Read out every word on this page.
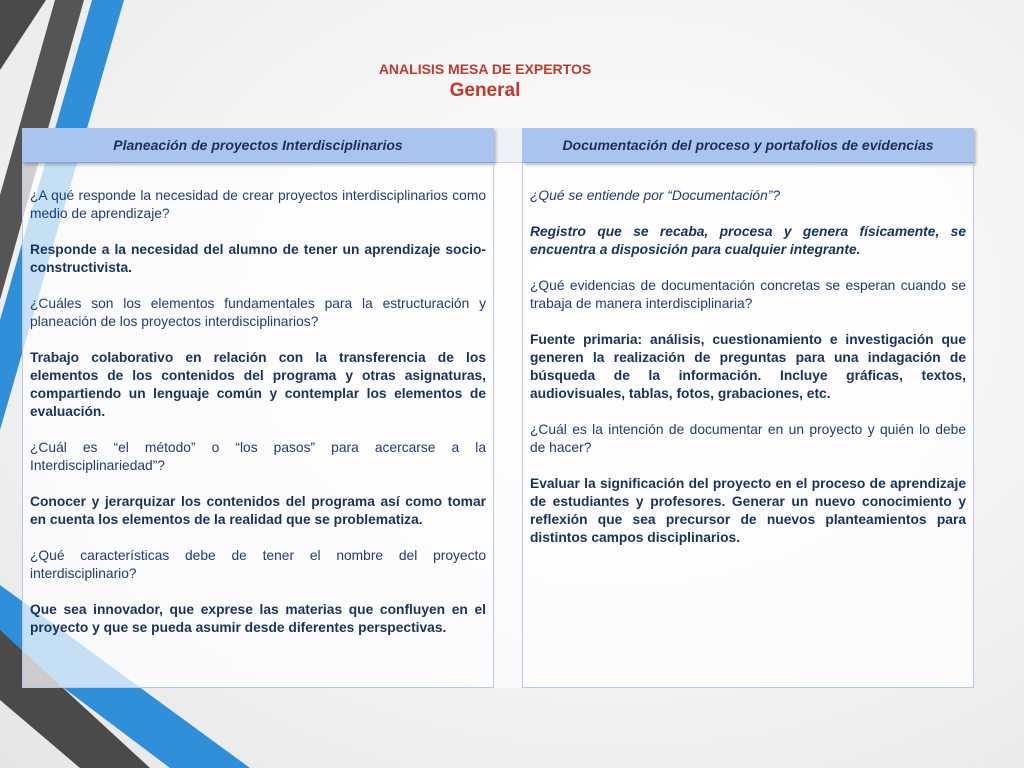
ANALISIS MESA DE EXPERTOS

General

Planeación de proyectos Interdisciplinarios

¿A qué responde la necesidad de crear proyectos interdisciplinarios como medio de aprendizaje?

Responde a la necesidad del alumno de tener un aprendizaje socio-constructivista.

¿Cuáles son los elementos fundamentales para la estructuración y planeación de los proyectos interdisciplinarios?

Trabajo colaborativo en relación con la transferencia de los elementos de los contenidos del programa y otras asignaturas, compartiendo un lenguaje común y contemplar los elementos de evaluación.

¿Cuál es “el método” o “los pasos” para acercarse a la Interdisciplinariedad”?

Conocer y jerarquizar los contenidos del programa así como tomar en cuenta los elementos de la realidad que se problematiza.

¿Qué características debe de tener el nombre del proyecto interdisciplinario?

Que sea innovador, que exprese las materias que confluyen en el proyecto y que se pueda asumir desde diferentes perspectivas.

Documentación del proceso y portafolios de evidencias

¿Qué se entiende por “Documentación”?

Registro que se recaba, procesa y genera físicamente, se encuentra a disposición para cualquier integrante.

¿Qué evidencias de documentación concretas se esperan cuando se trabaja de manera interdisciplinaria?

Fuente primaria: análisis, cuestionamiento e investigación que generen la realización de preguntas para una indagación de búsqueda de la información. Incluye gráficas, textos, audiovisuales, tablas, fotos, grabaciones, etc.

¿Cuál es la intención de documentar en un proyecto y quién lo debe de hacer?

Evaluar la significación del proyecto en el proceso de aprendizaje de estudiantes y profesores. Generar un nuevo conocimiento y reflexión que sea precursor de nuevos planteamientos para distintos campos disciplinarios.
